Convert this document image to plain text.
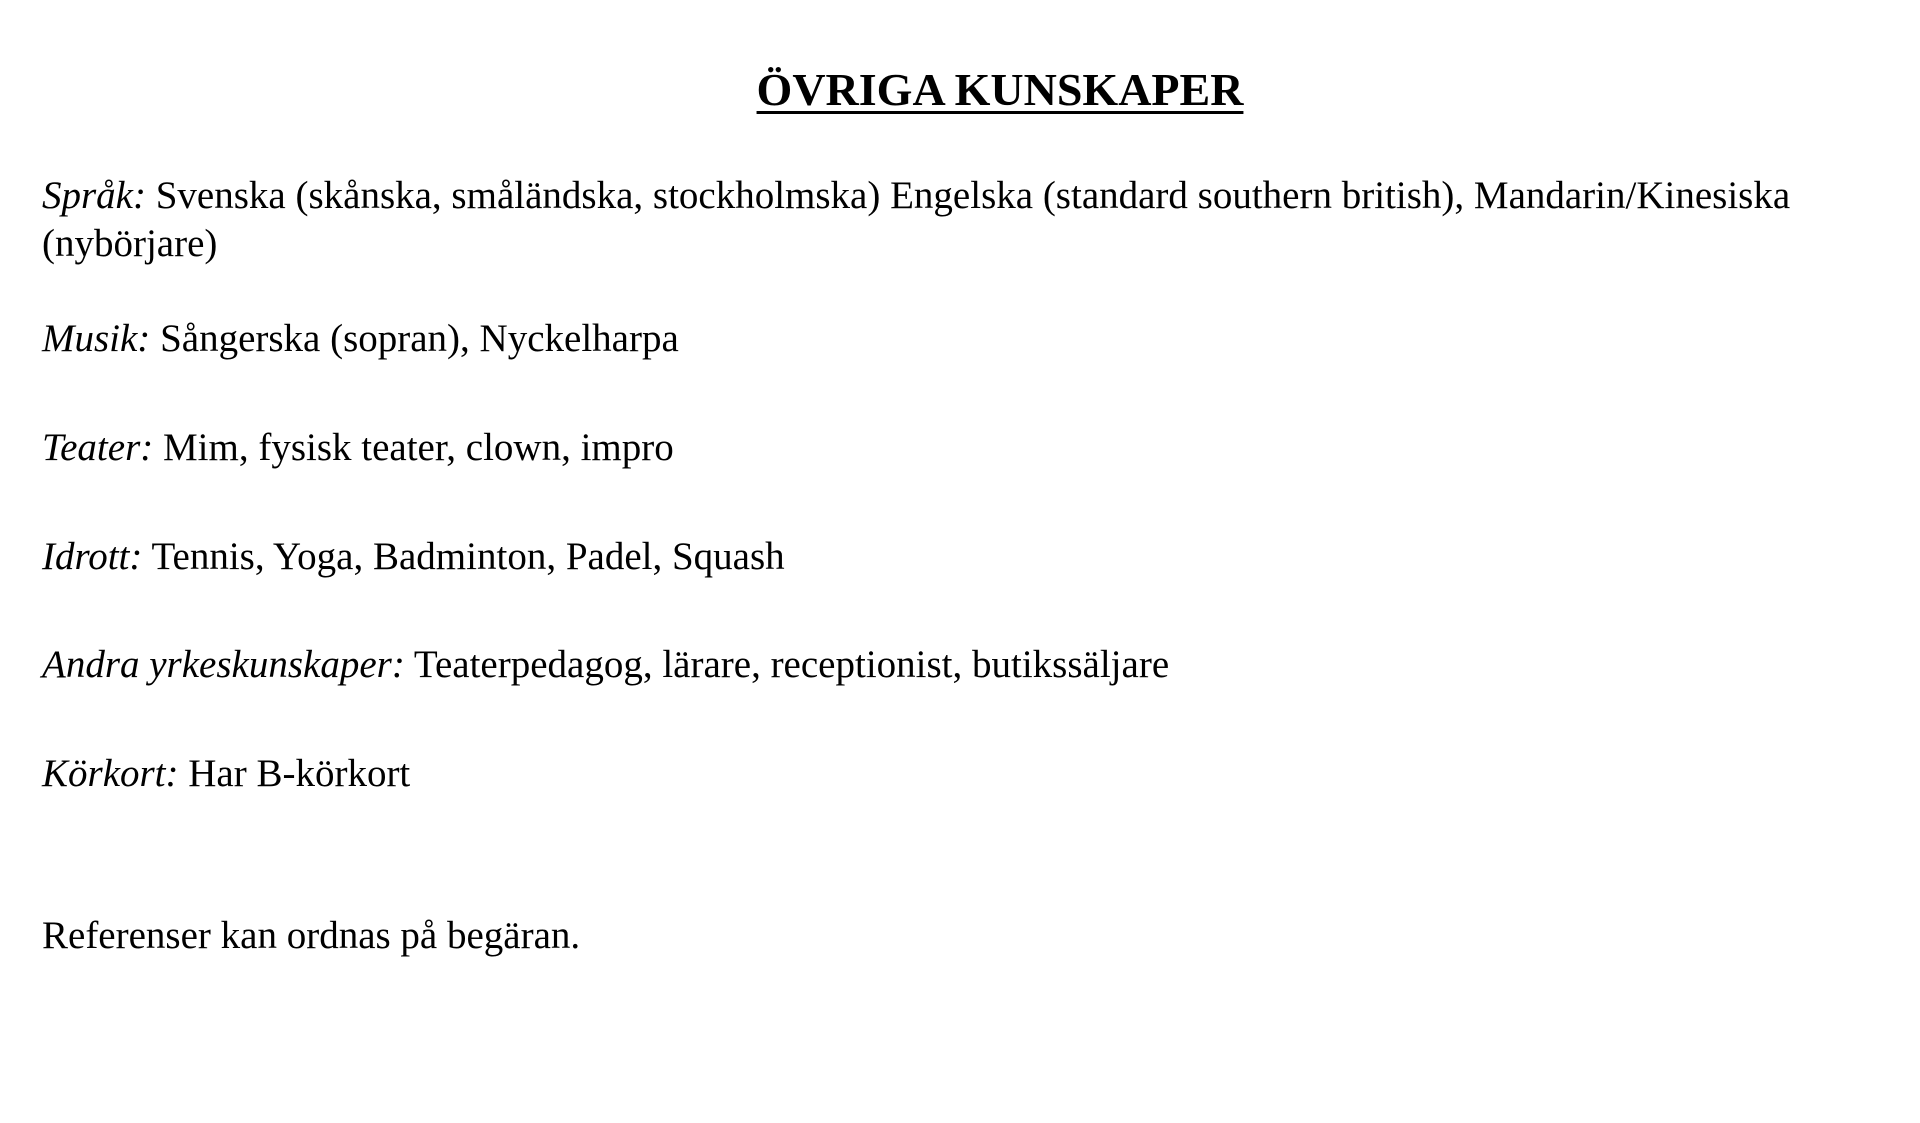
ÖVRIGA KUNSKAPER
Språk: Svenska (skånska, småländska, stockholmska) Engelska (standard southern british), Mandarin/Kinesiska (nybörjare)
Musik: Sångerska (sopran), Nyckelharpa
Teater: Mim, fysisk teater, clown, impro
Idrott: Tennis, Yoga, Badminton, Padel, Squash
Andra yrkeskunskaper: Teaterpedagog, lärare, receptionist, butikssäljare
Körkort: Har B-körkort
Referenser kan ordnas på begäran.
